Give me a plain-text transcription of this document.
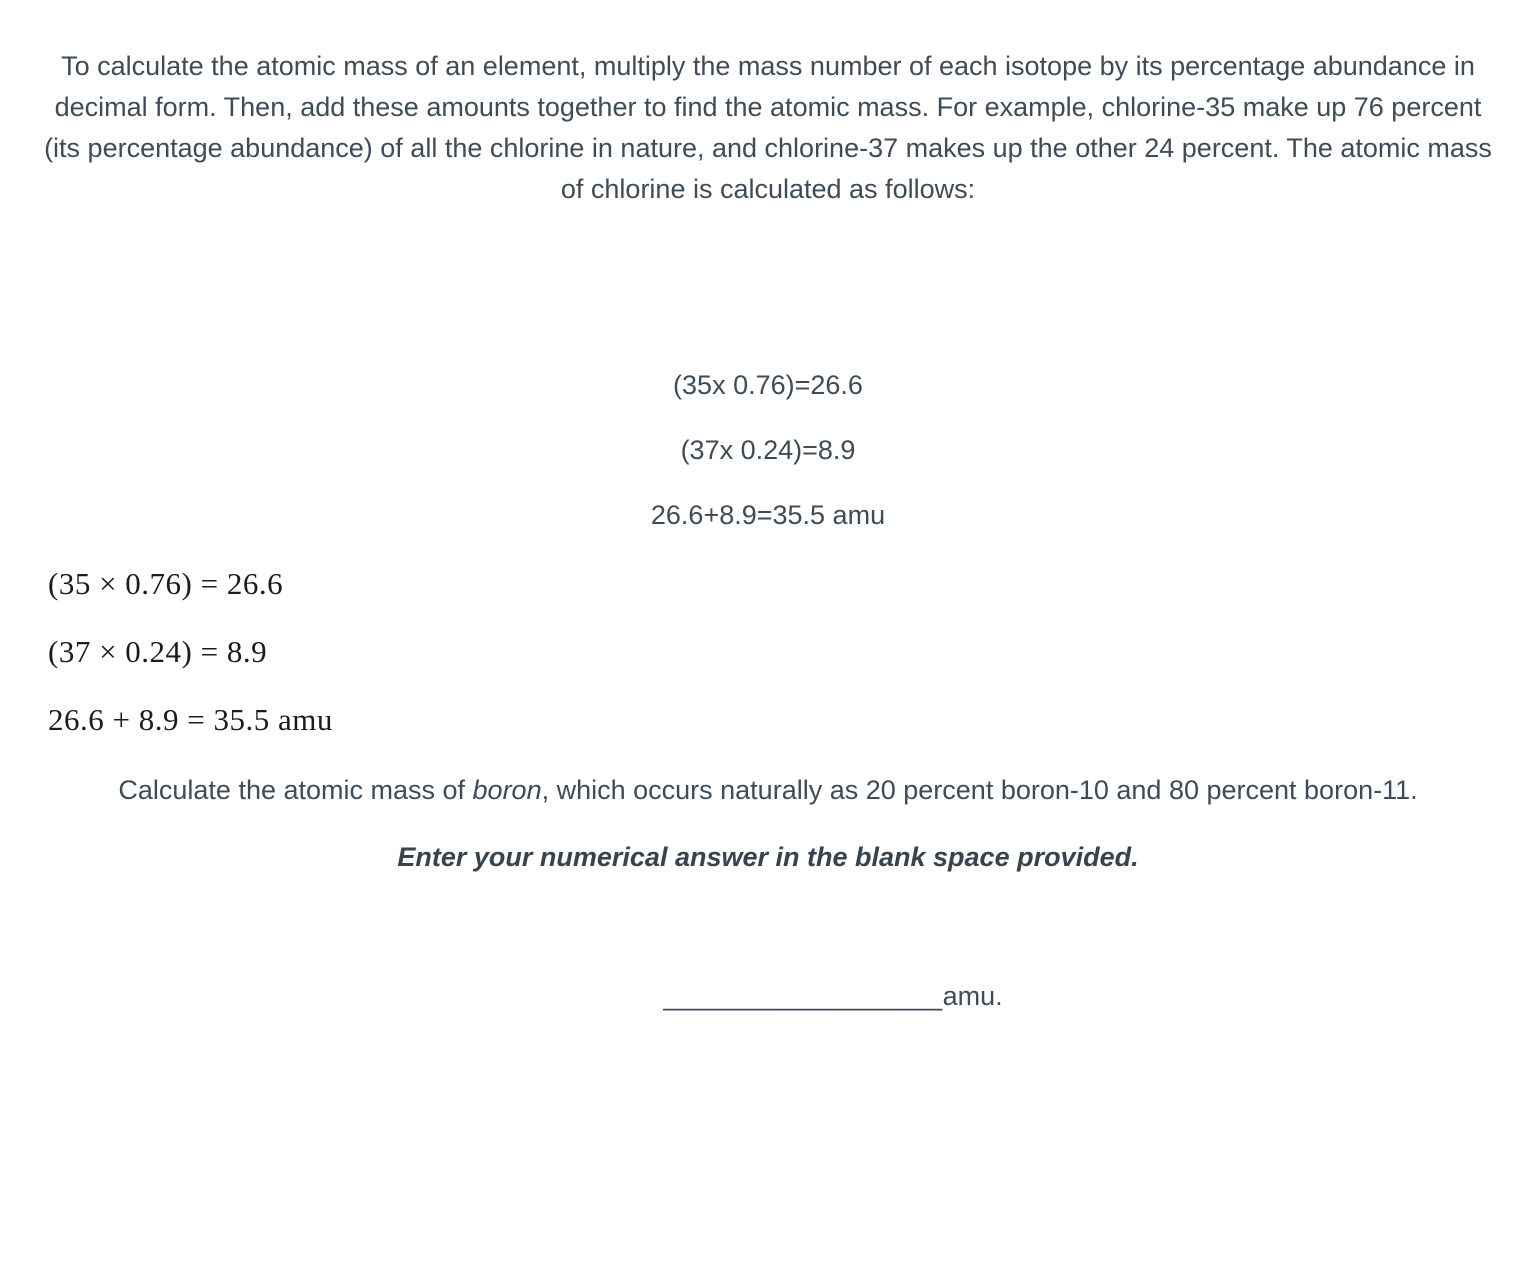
To calculate the atomic mass of an element, multiply the mass number of each isotope by its percentage abundance in decimal form. Then, add these amounts together to find the atomic mass. For example, chlorine-35 make up 76 percent (its percentage abundance) of all the chlorine in nature, and chlorine-37 makes up the other 24 percent. The atomic mass of chlorine is calculated as follows:

(35x 0.76)=26.6
(37x 0.24)=8.9
26.6+8.9=35.5 amu
(35 × 0.76) = 26.6
(37 × 0.24) = 8.9
26.6 + 8.9 = 35.5 amu

Calculate the atomic mass of boron, which occurs naturally as 20 percent boron-10 and 80 percent boron-11.

Enter your numerical answer in the blank space provided.

__________________amu.
